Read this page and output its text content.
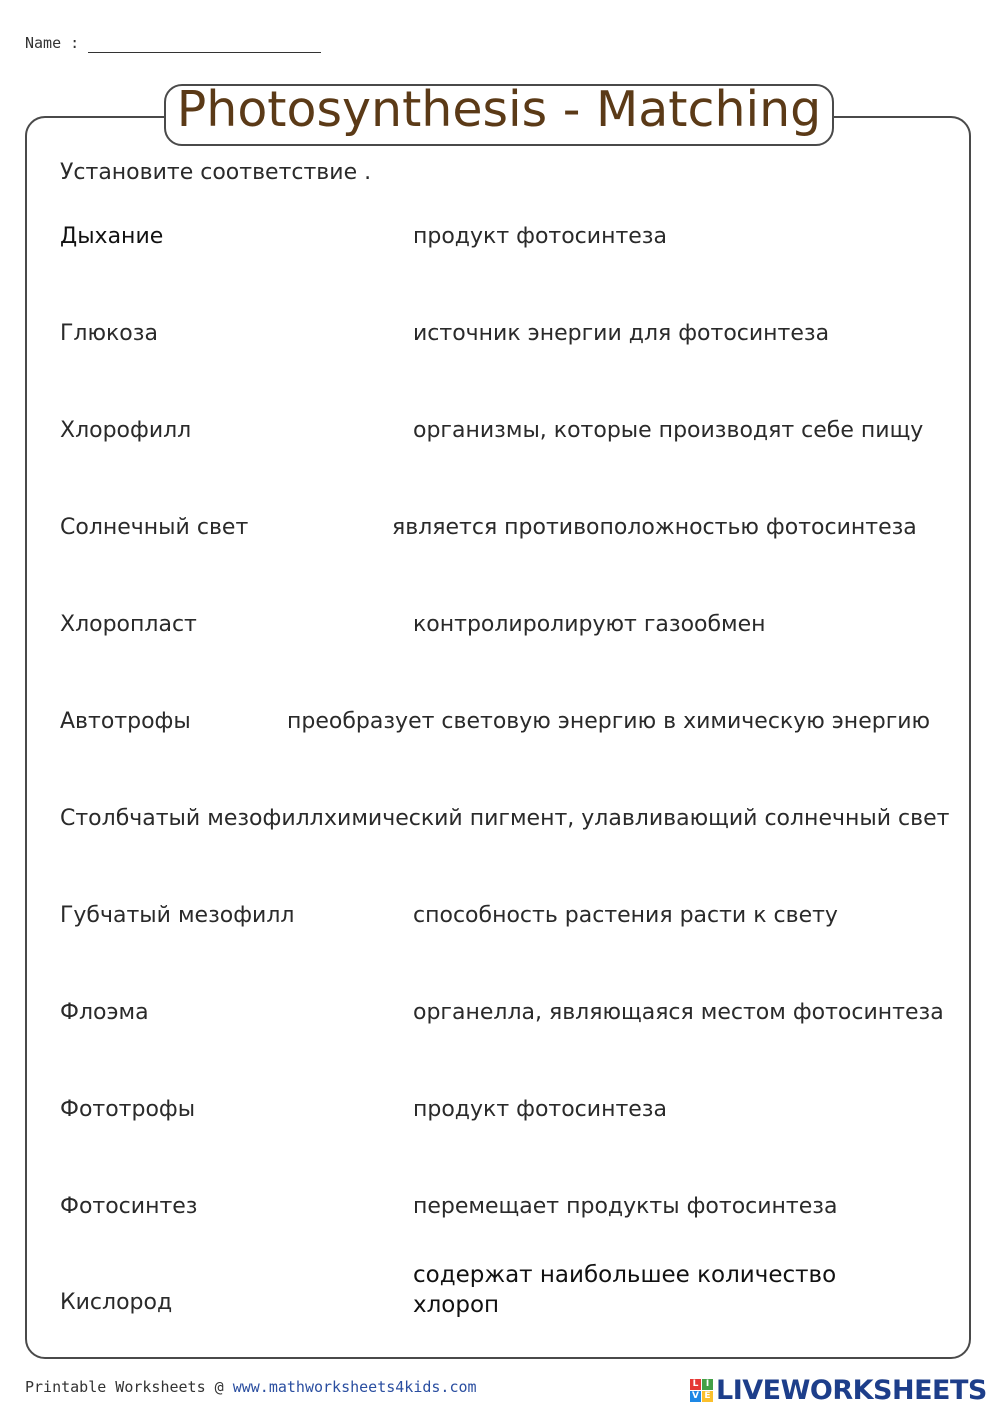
Name :
Photosynthesis - Matching
Установите соответствие .
Дыхание
Глюкоза
Хлорофилл
Солнечный свет
Хлоропласт
Автотрофы
Столбчатый мезофилл
Губчатый мезофилл
Флоэма
Фототрофы
Фотосинтез
Кислород
продукт фотосинтеза
источник энергии для фотосинтеза
организмы, которые производят себе пищу
является противоположностью фотосинтеза
контролиролируют газообмен
преобразует световую энергию в химическую энергию
химический пигмент, улавливающий солнечный свет
способность растения расти к свету
органелла, являющаяся местом фотосинтеза
продукт фотосинтеза
перемещает продукты фотосинтеза
содержат наибольшее количество хлороп
Printable Worksheets @ www.mathworksheets4kids.com	L I
V E LIVEWORKSHEETS
